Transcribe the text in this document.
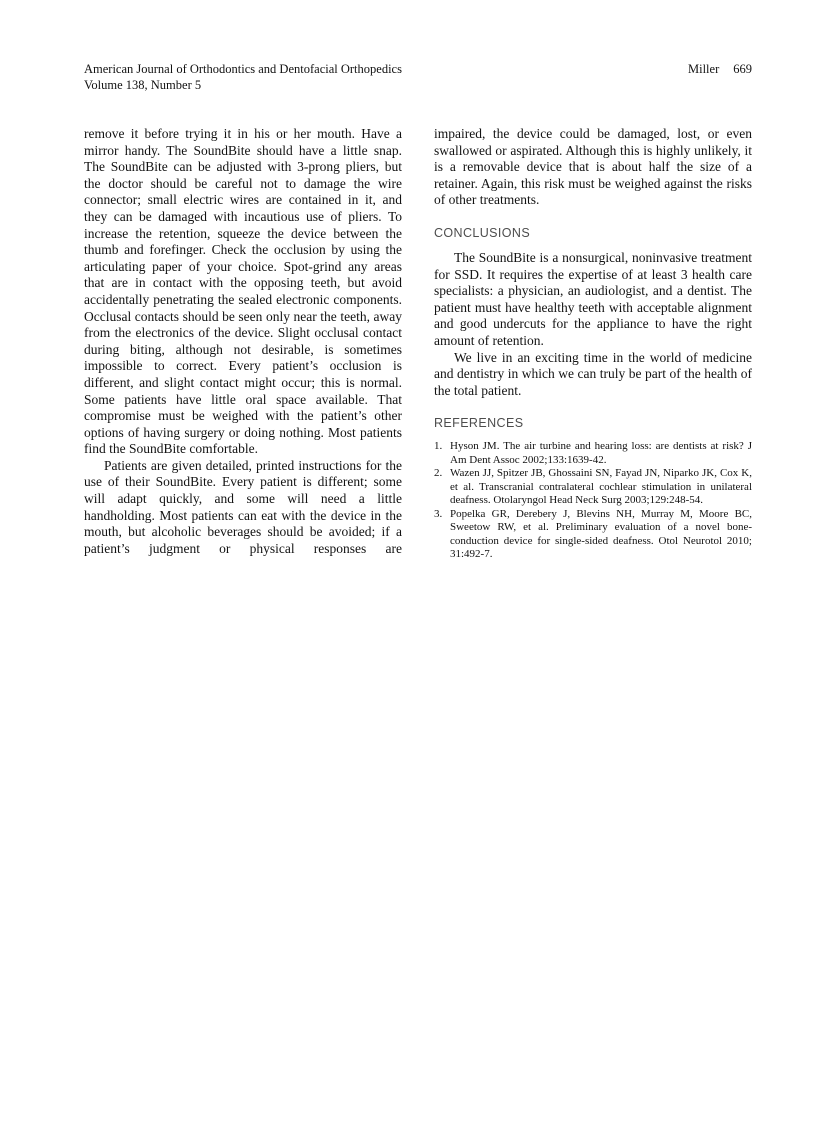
American Journal of Orthodontics and Dentofacial Orthopedics
Volume 138, Number 5
Miller 669

remove it before trying it in his or her mouth. Have a mirror handy. The SoundBite should have a little snap. The SoundBite can be adjusted with 3-prong pliers, but the doctor should be careful not to damage the wire connector; small electric wires are contained in it, and they can be damaged with incautious use of pliers. To increase the retention, squeeze the device between the thumb and forefinger. Check the occlusion by using the articulating paper of your choice. Spot-grind any areas that are in contact with the opposing teeth, but avoid accidentally penetrating the sealed electronic components. Occlusal contacts should be seen only near the teeth, away from the electronics of the device. Slight occlusal contact during biting, although not desirable, is sometimes impossible to correct. Every patient’s occlusion is different, and slight contact might occur; this is normal. Some patients have little oral space available. That compromise must be weighed with the patient’s other options of having surgery or doing nothing. Most patients find the SoundBite comfortable.

Patients are given detailed, printed instructions for the use of their SoundBite. Every patient is different; some will adapt quickly, and some will need a little handholding. Most patients can eat with the device in the mouth, but alcoholic beverages should be avoided; if a patient’s judgment or physical responses are

impaired, the device could be damaged, lost, or even swallowed or aspirated. Although this is highly unlikely, it is a removable device that is about half the size of a retainer. Again, this risk must be weighed against the risks of other treatments.

CONCLUSIONS

The SoundBite is a nonsurgical, noninvasive treatment for SSD. It requires the expertise of at least 3 health care specialists: a physician, an audiologist, and a dentist. The patient must have healthy teeth with acceptable alignment and good undercuts for the appliance to have the right amount of retention.

We live in an exciting time in the world of medicine and dentistry in which we can truly be part of the health of the total patient.

REFERENCES
1. Hyson JM. The air turbine and hearing loss: are dentists at risk? J Am Dent Assoc 2002;133:1639-42.
2. Wazen JJ, Spitzer JB, Ghossaini SN, Fayad JN, Niparko JK, Cox K, et al. Transcranial contralateral cochlear stimulation in unilateral deafness. Otolaryngol Head Neck Surg 2003;129:248-54.
3. Popelka GR, Derebery J, Blevins NH, Murray M, Moore BC, Sweetow RW, et al. Preliminary evaluation of a novel bone-conduction device for single-sided deafness. Otol Neurotol 2010; 31:492-7.
